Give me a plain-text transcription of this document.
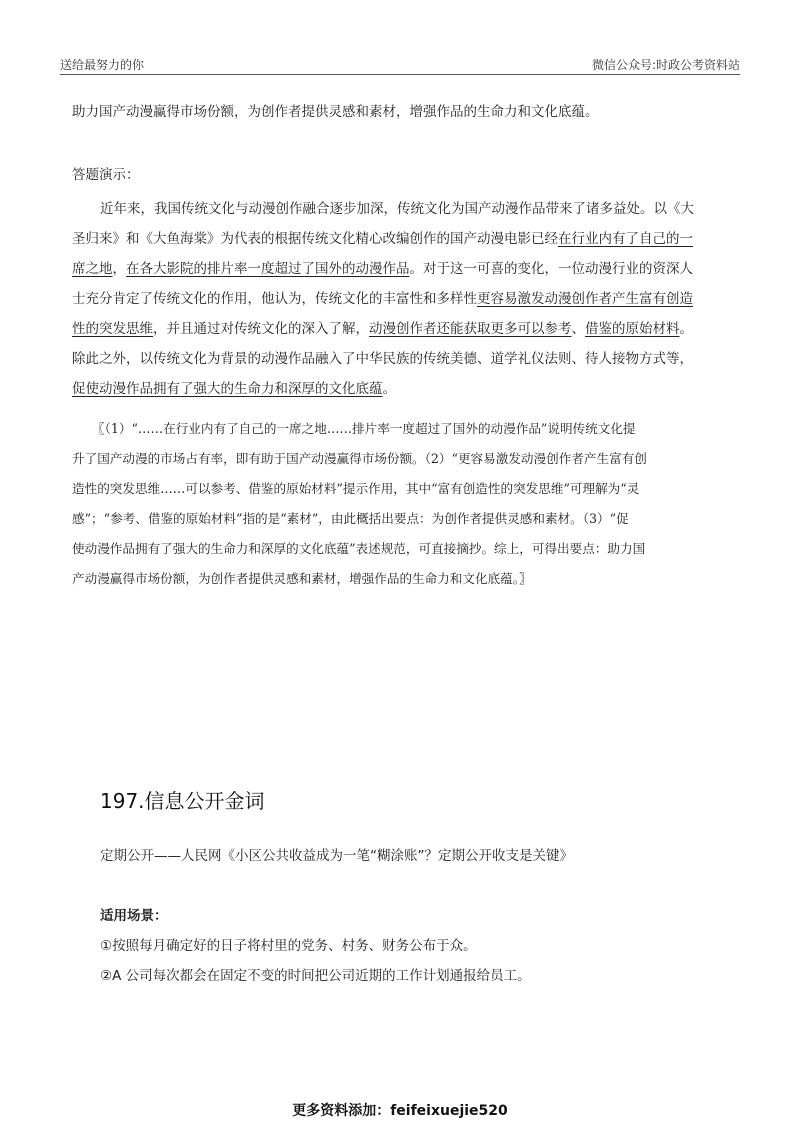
送给最努力的你	微信公众号:时政公考资料站
助力国产动漫赢得市场份额，为创作者提供灵感和素材，增强作品的生命力和文化底蕴。
答题演示：
近年来，我国传统文化与动漫创作融合逐步加深，传统文化为国产动漫作品带来了诸多益处。以《大
圣归来》和《大鱼海棠》为代表的根据传统文化精心改编创作的国产动漫电影已经在行业内有了自己的一
席之地，在各大影院的排片率一度超过了国外的动漫作品。对于这一可喜的变化，一位动漫行业的资深人
士充分肯定了传统文化的作用，他认为，传统文化的丰富性和多样性更容易激发动漫创作者产生富有创造
性的突发思维，并且通过对传统文化的深入了解，动漫创作者还能获取更多可以参考、借鉴的原始材料。
除此之外，以传统文化为背景的动漫作品融入了中华民族的传统美德、道学礼仪法则、待人接物方式等，
促使动漫作品拥有了强大的生命力和深厚的文化底蕴。
〖（1）“……在行业内有了自己的一席之地……排片率一度超过了国外的动漫作品”说明传统文化提
升了国产动漫的市场占有率，即有助于国产动漫赢得市场份额。（2）“更容易激发动漫创作者产生富有创
造性的突发思维……可以参考、借鉴的原始材料”提示作用，其中“富有创造性的突发思维”可理解为“灵
感”；“参考、借鉴的原始材料”指的是“素材”，由此概括出要点：为创作者提供灵感和素材。（3）“促
使动漫作品拥有了强大的生命力和深厚的文化底蕴”表述规范，可直接摘抄。综上，可得出要点：助力国
产动漫赢得市场份额，为创作者提供灵感和素材，增强作品的生命力和文化底蕴。〗
197.信息公开金词
定期公开——人民网《小区公共收益成为一笔“糊涂账”？定期公开收支是关键》
适用场景：
①按照每月确定好的日子将村里的党务、村务、财务公布于众。
②A 公司每次都会在固定不变的时间把公司近期的工作计划通报给员工。
更多资料添加：feifeixuejie520
